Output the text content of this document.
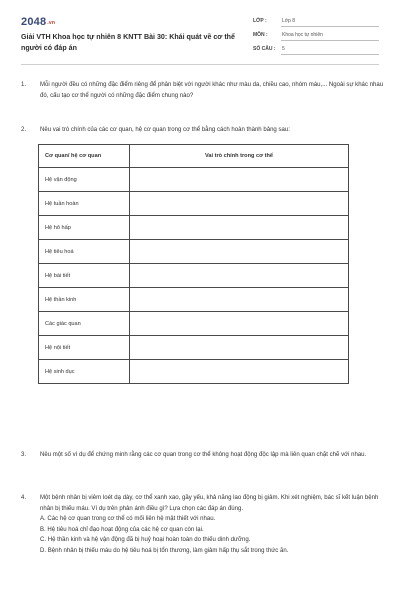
2048.vn
Giải VTH Khoa học tự nhiên 8 KNTT Bài 30: Khái quát về cơ thể người có đáp án
LỚP :	Lớp 8
MÔN :	Khoa học tự nhiên
SỐ CÂU : 5
1. Mỗi người đều có những đặc điểm riêng để phân biệt với người khác như màu da, chiều cao, nhóm máu,... Ngoài sự khác nhau đó, cấu tạo cơ thể người có những đặc điểm chung nào?
2. Nêu vai trò chính của các cơ quan, hệ cơ quan trong cơ thể bằng cách hoàn thành bảng sau:
Cơ quan/ hệ cơ quan	Vai trò chính trong cơ thể
Hệ vận động	
Hệ tuần hoàn	
Hệ hô hấp	
Hệ tiêu hoá	
Hệ bài tiết	
Hệ thần kinh	
Các giác quan	
Hệ nội tiết	
Hệ sinh dục	
3. Nêu một số ví dụ để chứng minh rằng các cơ quan trong cơ thể không hoạt động độc lập mà liên quan chặt chẽ với nhau.
4. Một bệnh nhân bị viêm loét dạ dày, cơ thể xanh xao, gầy yếu, khả năng lao động bị giảm. Khi xét nghiệm, bác sĩ kết luận bệnh nhân bị thiếu máu. Ví dụ trên phản ánh điều gì? Lựa chọn các đáp án đúng.
A. Các hệ cơ quan trong cơ thể có mối liên hệ mật thiết với nhau.
B. Hệ tiêu hoá chỉ đạo hoạt động của các hệ cơ quan còn lại.
C. Hệ thần kinh và hệ vận động đã bị huỷ hoại hoàn toàn do thiếu dinh dưỡng.
D. Bệnh nhân bị thiếu máu do hệ tiêu hoá bị tổn thương, làm giảm hấp thụ sắt trong thức ăn.
